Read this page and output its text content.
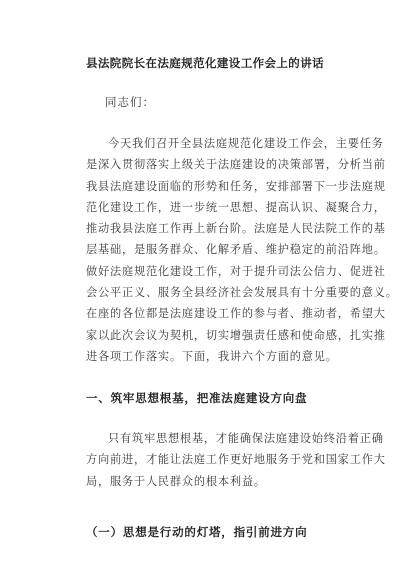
县法院院长在法庭规范化建设工作会上的讲话
同志们：
今天我们召开全县法庭规范化建设工作会，主要任务
是深入贯彻落实上级关于法庭建设的决策部署，分析当前
我县法庭建设面临的形势和任务，安排部署下一步法庭规
范化建设工作，进一步统一思想、提高认识、凝聚合力，
推动我县法庭工作再上新台阶。法庭是人民法院工作的基
层基础，是服务群众、化解矛盾、维护稳定的前沿阵地。
做好法庭规范化建设工作，对于提升司法公信力、促进社
会公平正义、服务全县经济社会发展具有十分重要的意义。
在座的各位都是法庭建设工作的参与者、推动者，希望大
家以此次会议为契机，切实增强责任感和使命感，扎实推
进各项工作落实。下面，我讲六个方面的意见。
一、筑牢思想根基，把准法庭建设方向盘
只有筑牢思想根基，才能确保法庭建设始终沿着正确
方向前进，才能让法庭工作更好地服务于党和国家工作大
局，服务于人民群众的根本利益。
（一）思想是行动的灯塔，指引前进方向
